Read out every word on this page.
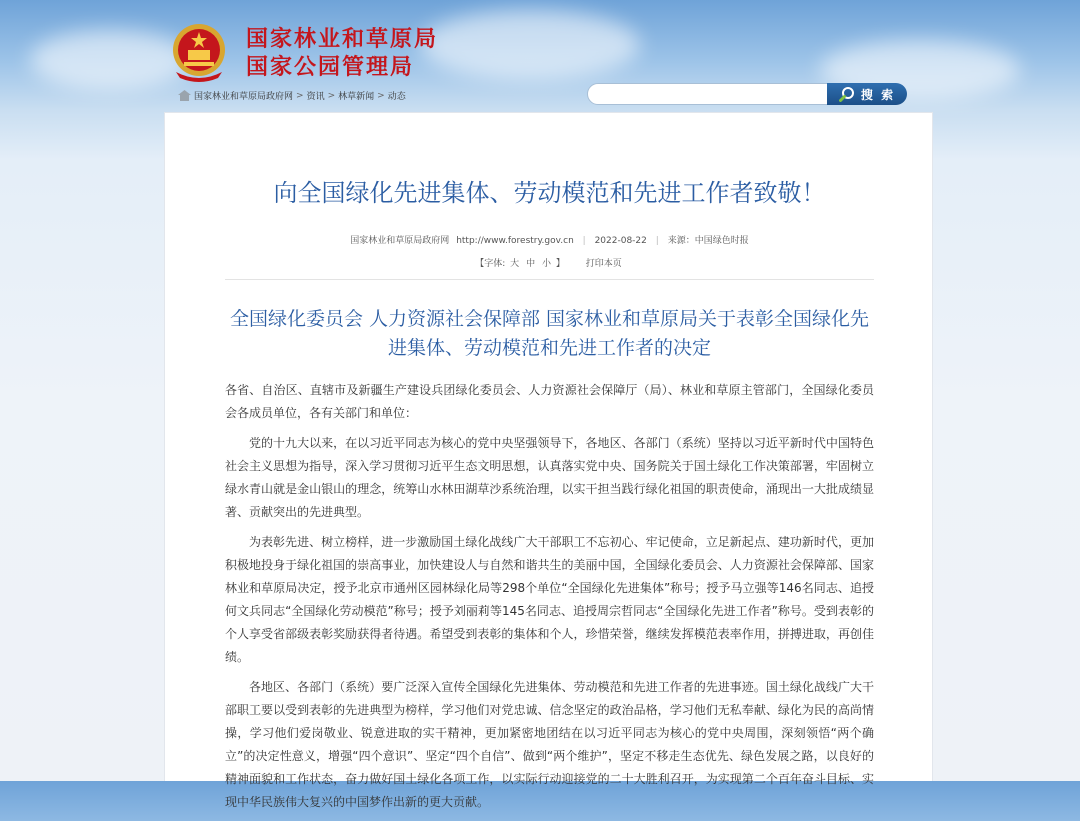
国家林业和草原局
国家公园管理局
国家林业和草原局政府网 > 资讯 > 林草新闻 > 动态	搜 索
向全国绿化先进集体、劳动模范和先进工作者致敬！
国家林业和草原局政府网 http://www.forestry.gov.cn | 2022-08-22 | 来源：中国绿色时报
【字体: 大 中 小 】 打印本页
全国绿化委员会 人力资源社会保障部 国家林业和草原局关于表彰全国绿化先进集体、劳动模范和先进工作者的决定

各省、自治区、直辖市及新疆生产建设兵团绿化委员会、人力资源社会保障厅（局）、林业和草原主管部门，全国绿化委员会各成员单位，各有关部门和单位：

党的十九大以来，在以习近平同志为核心的党中央坚强领导下，各地区、各部门（系统）坚持以习近平新时代中国特色社会主义思想为指导，深入学习贯彻习近平生态文明思想，认真落实党中央、国务院关于国土绿化工作决策部署，牢固树立绿水青山就是金山银山的理念，统筹山水林田湖草沙系统治理，以实干担当践行绿化祖国的职责使命，涌现出一大批成绩显著、贡献突出的先进典型。

为表彰先进、树立榜样，进一步激励国土绿化战线广大干部职工不忘初心、牢记使命，立足新起点、建功新时代，更加积极地投身于绿化祖国的崇高事业，加快建设人与自然和谐共生的美丽中国，全国绿化委员会、人力资源社会保障部、国家林业和草原局决定，授予北京市通州区园林绿化局等298个单位“全国绿化先进集体”称号；授予马立强等146名同志、追授何文兵同志“全国绿化劳动模范”称号；授予刘丽莉等145名同志、追授周宗哲同志“全国绿化先进工作者”称号。受到表彰的个人享受省部级表彰奖励获得者待遇。希望受到表彰的集体和个人，珍惜荣誉，继续发挥模范表率作用，拼搏进取，再创佳绩。

各地区、各部门（系统）要广泛深入宣传全国绿化先进集体、劳动模范和先进工作者的先进事迹。国土绿化战线广大干部职工要以受到表彰的先进典型为榜样，学习他们对党忠诚、信念坚定的政治品格，学习他们无私奉献、绿化为民的高尚情操，学习他们爱岗敬业、锐意进取的实干精神，更加紧密地团结在以习近平同志为核心的党中央周围，深刻领悟“两个确立”的决定性意义，增强“四个意识”、坚定“四个自信”、做到“两个维护”，坚定不移走生态优先、绿色发展之路，以良好的精神面貌和工作状态，奋力做好国土绿化各项工作，以实际行动迎接党的二十大胜利召开，为实现第二个百年奋斗目标、实现中华民族伟大复兴的中国梦作出新的更大贡献。
